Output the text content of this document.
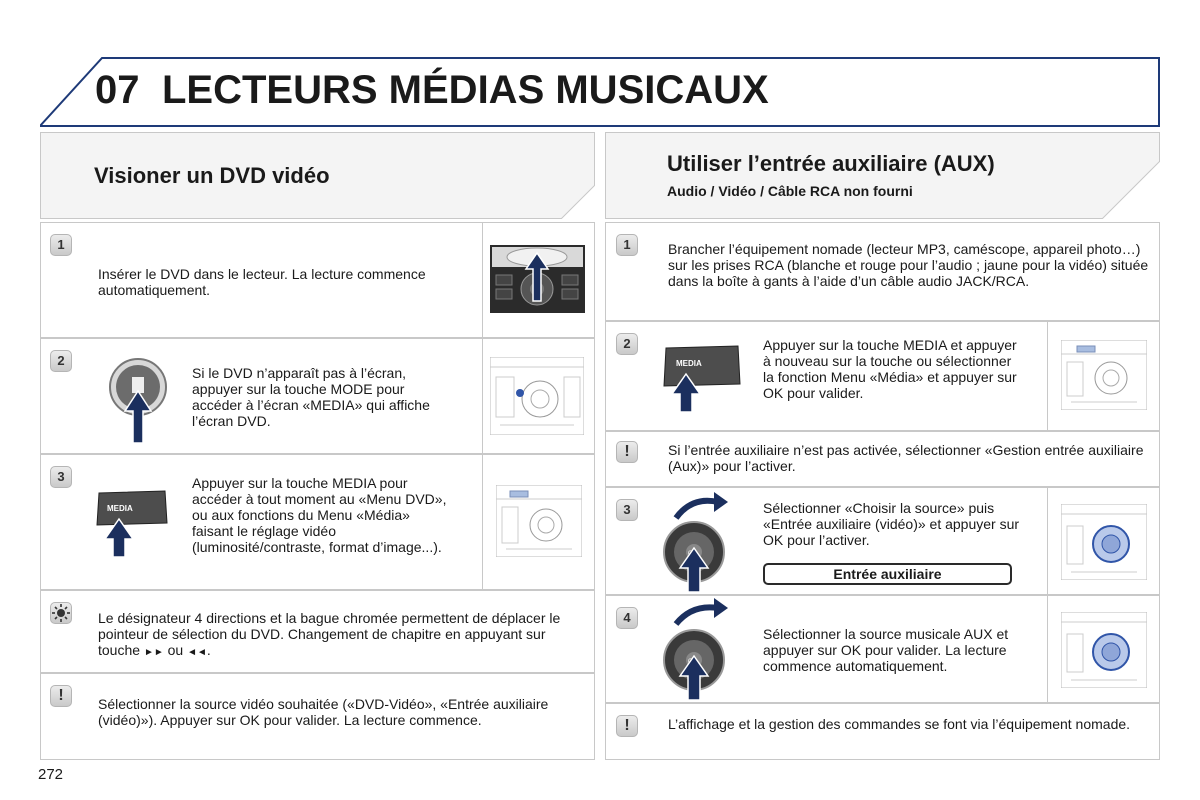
07 LECTEURS MÉDIAS MUSICAUX
Visioner un DVD vidéo	Utiliser l’entrée auxiliaire (AUX)
Audio / Vidéo / Câble RCA non fourni
1
Insérer le DVD dans le lecteur. La lecture commence automatiquement.
2
Si le DVD n’apparaît pas à l’écran, appuyer sur la touche MODE pour accéder à l’écran «MEDIA» qui affiche l’écran DVD.
3
MEDIA
Appuyer sur la touche MEDIA pour accéder à tout moment au «Menu DVD», ou aux fonctions du Menu «Média» faisant le réglage vidéo (luminosité/contraste, format d’image...).
Le désignateur 4 directions et la bague chromée permettent de déplacer le pointeur de sélection du DVD. Changement de chapitre en appuyant sur touche ►► ou ◄◄.
!	Sélectionner la source vidéo souhaitée («DVD-Vidéo», «Entrée auxiliaire (vidéo)»). Appuyer sur OK pour valider. La lecture commence.
1	Brancher l’équipement nomade (lecteur MP3, caméscope, appareil photo…) sur les prises RCA (blanche et rouge pour l’audio ; jaune pour la vidéo) située dans la boîte à gants à l’aide d’un câble audio JACK/RCA.
2
MEDIA
Appuyer sur la touche MEDIA et appuyer à nouveau sur la touche ou sélectionner la fonction Menu «Média» et appuyer sur OK pour valider.
!	Si l’entrée auxiliaire n’est pas activée, sélectionner «Gestion entrée auxiliaire (Aux)» pour l’activer.
3	Sélectionner «Choisir la source» puis «Entrée auxiliaire (vidéo)» et appuyer sur OK pour l’activer.
Entrée auxiliaire
4
Sélectionner la source musicale AUX et appuyer sur OK pour valider. La lecture commence automatiquement.
!	L’affichage et la gestion des commandes se font via l’équipement nomade.
272
